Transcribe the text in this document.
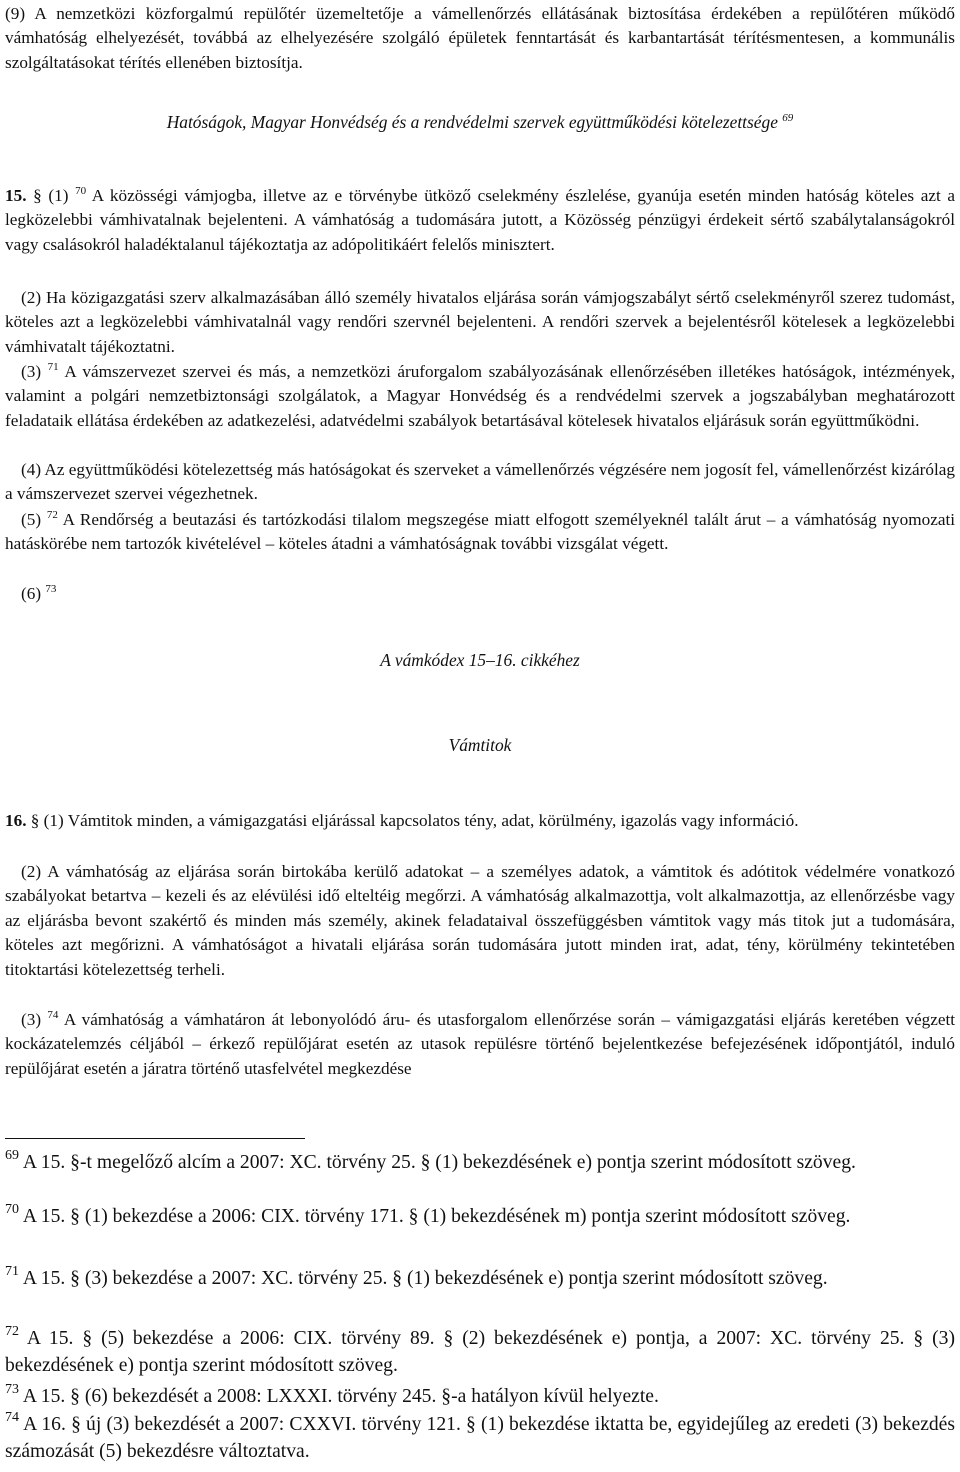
(9) A nemzetközi közforgalmú repülőtér üzemeltetője a vámellenőrzés ellátásának biztosítása érdekében a repülőtéren működő vámhatóság elhelyezését, továbbá az elhelyezésére szolgáló épületek fenntartását és karbantartását térítésmentesen, a kommunális szolgáltatásokat térítés ellenében biztosítja.

Hatóságok, Magyar Honvédség és a rendvédelmi szervek együttműködési kötelezettsége $^{69}$

15. § (1) $^{70}$ A közösségi vámjogba, illetve az e törvénybe ütköző cselekmény észlelése, gyanúja esetén minden hatóság köteles azt a legközelebbi vámhivatalnak bejelenteni. A vámhatóság a tudomására jutott, a Közösség pénzügyi érdekeit sértő szabálytalanságokról vagy csalásokról haladéktalanul tájékoztatja az adópolitikáért felelős minisztert.

(2) Ha közigazgatási szerv alkalmazásában álló személy hivatalos eljárása során vámjogszabályt sértő cselekményről szerez tudomást, köteles azt a legközelebbi vámhivatalnál vagy rendőri szervnél bejelenteni. A rendőri szervek a bejelentésről kötelesek a legközelebbi vámhivatalt tájékoztatni.

(3) $^{71}$ A vámszervezet szervei és más, a nemzetközi áruforgalom szabályozásának ellenőrzésében illetékes hatóságok, intézmények, valamint a polgári nemzetbiztonsági szolgálatok, a Magyar Honvédség és a rendvédelmi szervek a jogszabályban meghatározott feladataik ellátása érdekében az adatkezelési, adatvédelmi szabályok betartásával kötelesek hivatalos eljárásuk során együttműködni.

(4) Az együttműködési kötelezettség más hatóságokat és szerveket a vámellenőrzés végzésére nem jogosít fel, vámellenőrzést kizárólag a vámszervezet szervei végezhetnek.

(5) $^{72}$ A Rendőrség a beutazási és tartózkodási tilalom megszegése miatt elfogott személyeknél talált árut – a vámhatóság nyomozati hatáskörébe nem tartozók kivételével – köteles átadni a vámhatóságnak további vizsgálat végett.

(6) $^{73}$

A vámkódex 15–16. cikkéhez

Vámtitok

16. § (1) Vámtitok minden, a vámigazgatási eljárással kapcsolatos tény, adat, körülmény, igazolás vagy információ.

(2) A vámhatóság az eljárása során birtokába kerülő adatokat – a személyes adatok, a vámtitok és adótitok védelmére vonatkozó szabályokat betartva – kezeli és az elévülési idő elteltéig megőrzi. A vámhatóság alkalmazottja, volt alkalmazottja, az ellenőrzésbe vagy az eljárásba bevont szakértő és minden más személy, akinek feladataival összefüggésben vámtitok vagy más titok jut a tudomására, köteles azt megőrizni. A vámhatóságot a hivatali eljárása során tudomására jutott minden irat, adat, tény, körülmény tekintetében titoktartási kötelezettség terheli.

(3) $^{74}$ A vámhatóság a vámhatáron át lebonyolódó áru- és utasforgalom ellenőrzése során – vámigazgatási eljárás keretében végzett kockázatelemzés céljából – érkező repülőjárat esetén az utasok repülésre történő bejelentkezése befejezésének időpontjától, induló repülőjárat esetén a járatra történő utasfelvétel megkezdése

$^{69}$ A 15. §-t megelőző alcím a 2007: XC. törvény 25. § (1) bekezdésének e) pontja szerint módosított szöveg.

$^{70}$ A 15. § (1) bekezdése a 2006: CIX. törvény 171. § (1) bekezdésének m) pontja szerint módosított szöveg.

$^{71}$ A 15. § (3) bekezdése a 2007: XC. törvény 25. § (1) bekezdésének e) pontja szerint módosított szöveg.

$^{72}$ A 15. § (5) bekezdése a 2006: CIX. törvény 89. § (2) bekezdésének e) pontja, a 2007: XC. törvény 25. § (3) bekezdésének e) pontja szerint módosított szöveg.

$^{73}$ A 15. § (6) bekezdését a 2008: LXXXI. törvény 245. §-a hatályon kívül helyezte.

$^{74}$ A 16. § új (3) bekezdését a 2007: CXXVI. törvény 121. § (1) bekezdése iktatta be, egyidejűleg az eredeti (3) bekezdés számozását (5) bekezdésre változtatva.
